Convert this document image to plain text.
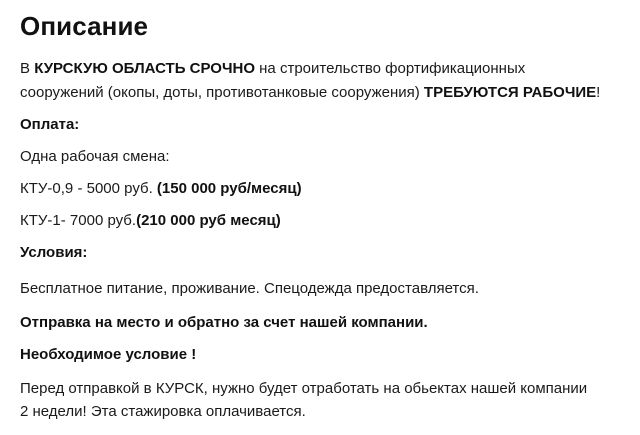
Описание

В КУРСКУЮ ОБЛАСТЬ СРОЧНО на строительство фортификационных

сооружений (окопы, доты, противотанковые сооружения) ТРЕБУЮТСЯ РАБОЧИЕ!

Оплата:

Одна рабочая смена:

КТУ-0,9 - 5000 руб. (150 000 руб/месяц)

КТУ-1- 7000 руб.(210 000 руб месяц)

Условия:

Бесплатное питание, проживание. Спецодежда предоставляется.

Отправка на место и обратно за счет нашей компании.

Необходимое условие !

Перед отправкой в КУРСК, нужно будет отработать на обьектах нашей компании

2 недели! Эта стажировка оплачивается.
